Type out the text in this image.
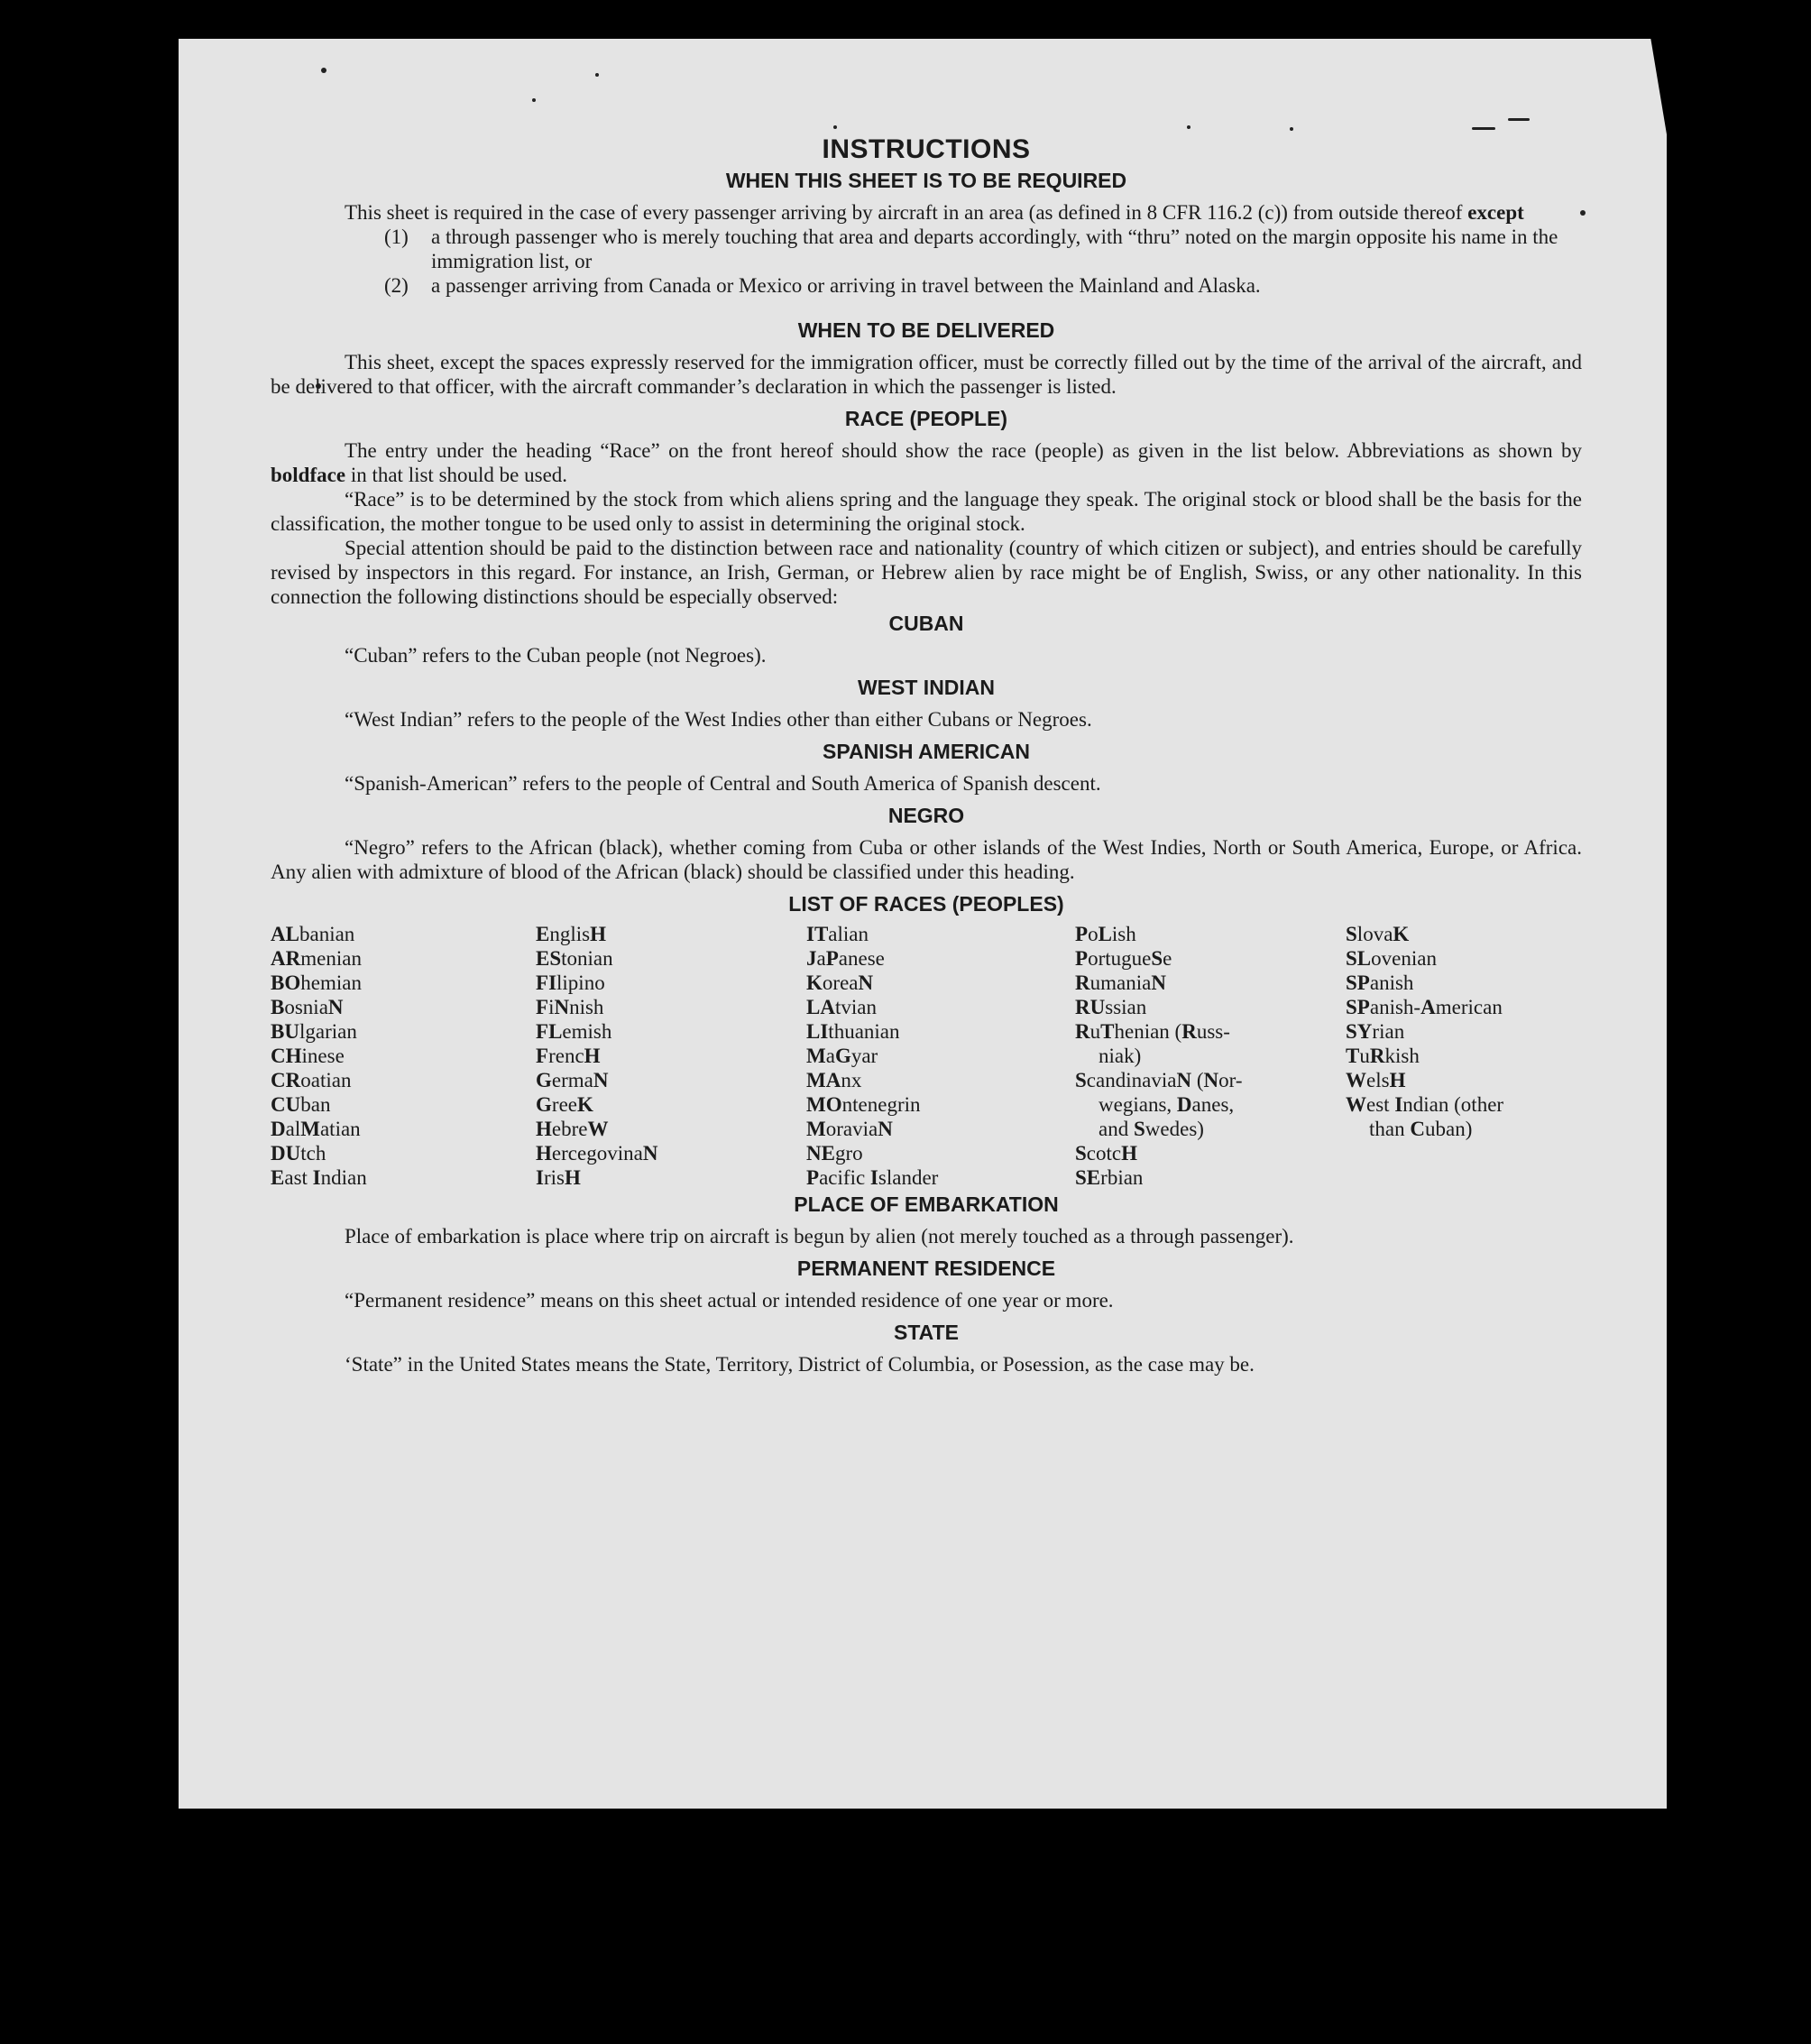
INSTRUCTIONS
WHEN THIS SHEET IS TO BE REQUIRED

This sheet is required in the case of every passenger arriving by aircraft in an area (as defined in 8 CFR 116.2 (c)) from outside thereof except

(1)	a through passenger who is merely touching that area and departs accordingly, with “thru” noted on the margin opposite his name in the immigration list, or
(2)	a passenger arriving from Canada or Mexico or arriving in travel between the Mainland and Alaska.
WHEN TO BE DELIVERED

This sheet, except the spaces expressly reserved for the immigration officer, must be correctly filled out by the time of the arrival of the aircraft, and be delivered to that officer, with the aircraft commander’s declaration in which the passenger is listed.

RACE (PEOPLE)

The entry under the heading “Race” on the front hereof should show the race (people) as given in the list below. Abbreviations as shown by boldface in that list should be used.

“Race” is to be determined by the stock from which aliens spring and the language they speak. The original stock or blood shall be the basis for the classification, the mother tongue to be used only to assist in determining the original stock.

Special attention should be paid to the distinction between race and nationality (country of which citizen or subject), and entries should be carefully revised by inspectors in this regard. For instance, an Irish, German, or Hebrew alien by race might be of English, Swiss, or any other nationality. In this connection the following distinctions should be especially observed:

CUBAN

“Cuban” refers to the Cuban people (not Negroes).

WEST INDIAN

“West Indian” refers to the people of the West Indies other than either Cubans or Negroes.

SPANISH AMERICAN

“Spanish-American” refers to the people of Central and South America of Spanish descent.

NEGRO

“Negro” refers to the African (black), whether coming from Cuba or other islands of the West Indies, North or South America, Europe, or Africa. Any alien with admixture of blood of the African (black) should be classified under this heading.

LIST OF RACES (PEOPLES)
ALbanian
ARmenian
BOhemian
BosniaN
BUlgarian
CHinese
CRoatian
CUban
DalMatian
DUtch
East Indian
EnglisH
EStonian
FIlipino
FiNnish
FLemish
FrencH
GermaN
GreeK
HebreW
HercegovinaN
IrisH
ITalian
JaPanese
KoreaN
LAtvian
LIthuanian
MaGyar
MAnx
MOntenegrin
MoraviaN
NEgro
Pacific Islander
PoLish
PortugueSe
RumaniaN
RUssian
RuThenian (Russ-
niak)
ScandinaviaN (Nor-
wegians, Danes,
and Swedes)
ScotcH
SErbian
SlovaK
SLovenian
SPanish
SPanish-American
SYrian
TuRkish
WelsH
West Indian (other
than Cuban)
PLACE OF EMBARKATION

Place of embarkation is place where trip on aircraft is begun by alien (not merely touched as a through passenger).

PERMANENT RESIDENCE

“Permanent residence” means on this sheet actual or intended residence of one year or more.

STATE

‘State” in the United States means the State, Territory, District of Columbia, or Posession, as the case may be.
